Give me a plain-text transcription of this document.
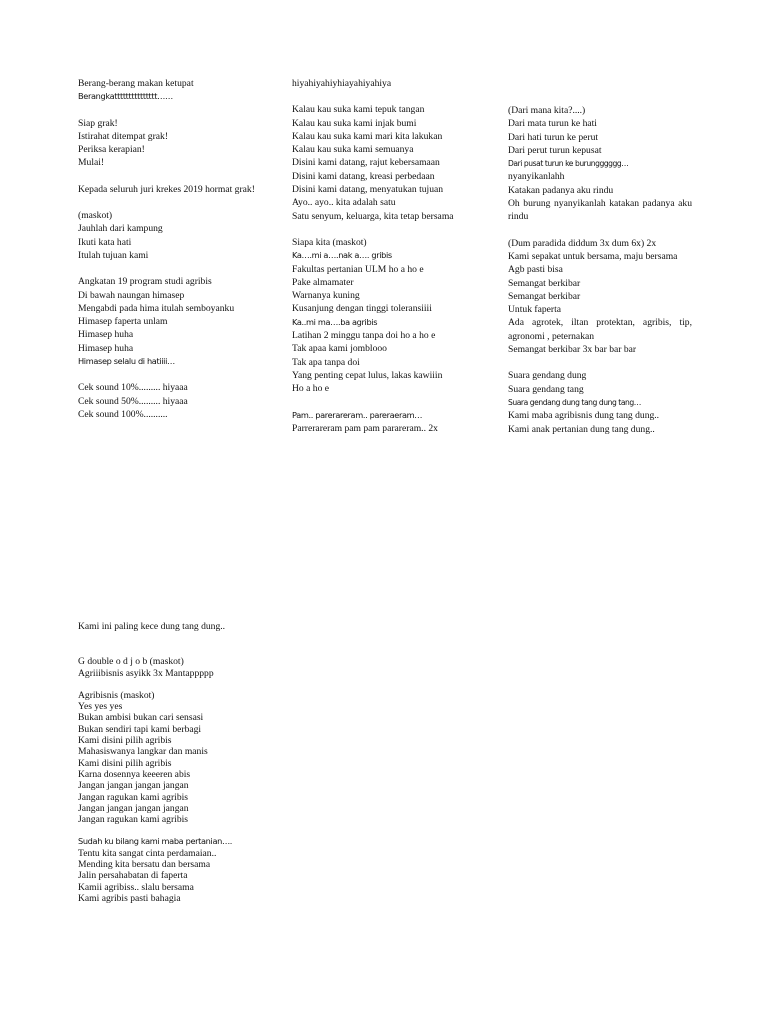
Berang-berang makan ketupat
Berangkattttttttttttttt……
Siap grak!
Istirahat ditempat grak!
Periksa kerapian!
Mulai!
Kepada seluruh juri krekes 2019 hormat grak!
(maskot)
Jauhlah dari kampung
Ikuti kata hati
Itulah tujuan kami
Angkatan 19 program studi agribis
Di bawah naungan himasep
Mengabdi pada hima itulah semboyanku
Himasep faperta unlam
Himasep huha
Himasep huha
Himasep selalu di hatiiii…
Cek sound 10%......... hiyaaa
Cek sound 50%......... hiyaaa
Cek sound 100%..........
hiyahiyahiyhiayahiyahiya
Kalau kau suka kami tepuk tangan
Kalau kau suka kami injak bumi
Kalau kau suka kami mari kita lakukan
Kalau kau suka kami semuanya
Disini kami datang, rajut kebersamaan
Disini kami datang, kreasi perbedaan
Disini kami datang, menyatukan tujuan
Ayo.. ayo.. kita adalah satu
Satu senyum, keluarga, kita tetap bersama
Siapa kita (maskot)
Ka….mi a….nak a…. gribis
Fakultas pertanian ULM ho a ho e
Pake almamater
Warnanya kuning
Kusanjung dengan tinggi toleransiiii
Ka..mi ma….ba agribis
Latihan 2 minggu tanpa doi ho a ho e
Tak apaa kami jomblooo
Tak apa tanpa doi
Yang penting cepat lulus, lakas kawiiin
Ho a ho e
Pam.. parerareram.. pareraeram…
Parrerareram pam pam parareram.. 2x
(Dari mana kita?....)
Dari mata turun ke hati
Dari hati turun ke perut
Dari perut turun kepusat
Dari pusat turun ke burungggggg…
nyanyikanlahh
Katakan padanya aku rindu
Oh burung nyanyikanlah katakan padanya aku rindu
(Dum paradida diddum 3x dum 6x) 2x
Kami sepakat untuk bersama, maju bersama
Agb pasti bisa
Semangat berkibar
Semangat berkibar
Untuk faperta
Ada agrotek, iltan protektan, agribis, tip, agronomi , peternakan
Semangat berkibar 3x bar bar bar
Suara gendang dung
Suara gendang tang
Suara gendang dung tang dung tang…
Kami maba agribisnis dung tang dung..
Kami anak pertanian dung tang dung..
Kami ini paling kece dung tang dung..
G double o d j o b (maskot)
Agriiibisnis asyikk 3x Mantappppp
Agribisnis (maskot)
Yes yes yes
Bukan ambisi bukan cari sensasi
Bukan sendiri tapi kami berbagi
Kami disini pilih agribis
Mahasiswanya langkar dan manis
Kami disini pilih agribis
Karna dosennya keeeren abis
Jangan jangan jangan jangan
Jangan ragukan kami agribis
Jangan jangan jangan jangan
Jangan ragukan kami agribis
Sudah ku bilang kami maba pertanian….
Tentu kita sangat cinta perdamaian..
Mending kita bersatu dan bersama
Jalin persahabatan di faperta
Kamii agribiss.. slalu bersama
Kami agribis pasti bahagia
